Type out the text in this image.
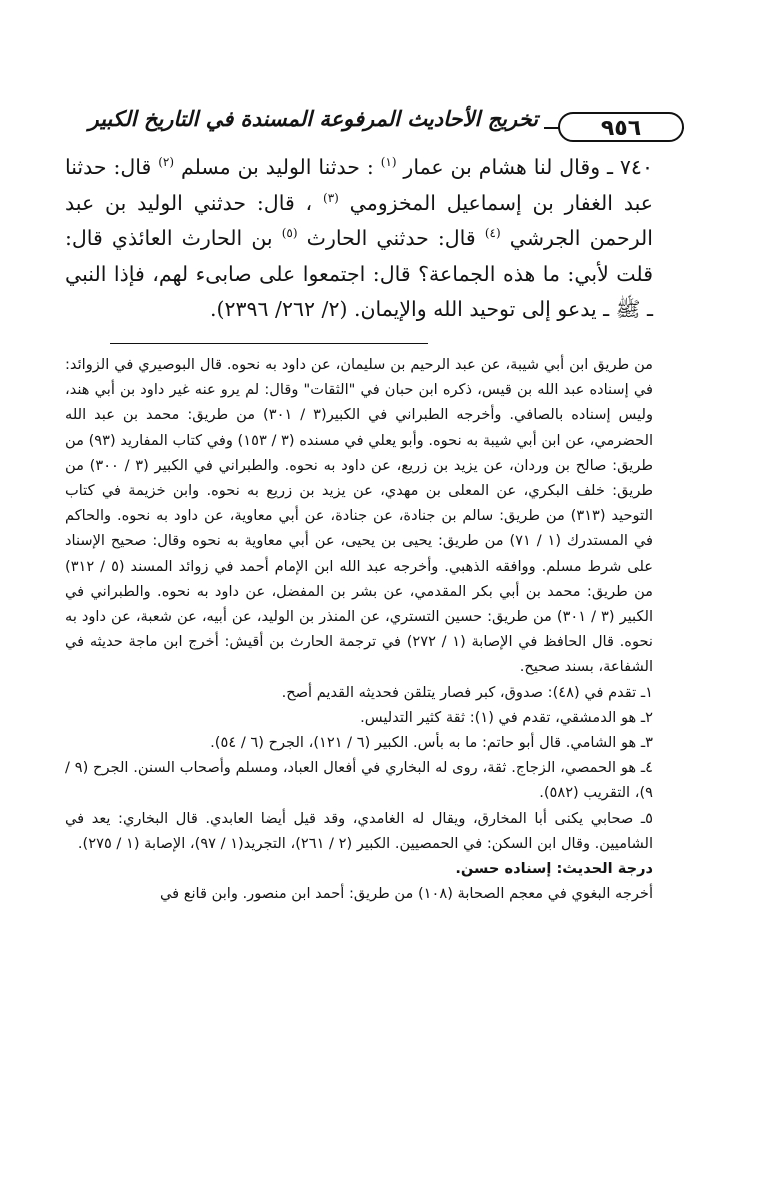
٩٥٦
تخريج الأحاديث المرفوعة المسندة في التاريخ الكبير
٧٤٠ ـ وقال لنا هشام بن عمار $^{(١)}$ : حدثنا الوليد بن مسلم $^{(٢)}$ قال: حدثنا عبد الغفار بن إسماعيل المخزومي $^{(٣)}$ ، قال: حدثني الوليد بن عبد الرحمن الجرشي $^{(٤)}$ قال: حدثني الحارث $^{(٥)}$ بن الحارث العائذي قال: قلت لأبي: ما هذه الجماعة؟ قال: اجتمعوا على صابىء لهم، فإذا النبي ـ ﷺ ـ يدعو إلى توحيد الله والإيمان. (٢/ ٢٦٢/ ٢٣٩٦).

من طريق ابن أبي شيبة، عن عبد الرحيم بن سليمان، عن داود به نحوه. قال البوصيري في الزوائد: في إسناده عبد الله بن قيس، ذكره ابن حبان في "الثقات" وقال: لم يرو عنه غير داود بن أبي هند، وليس إسناده بالصافي. وأخرجه الطبراني في الكبير(٣ / ٣٠١) من طريق: محمد بن عبد الله الحضرمي، عن ابن أبي شيبة به نحوه. وأبو يعلي في مسنده (٣ / ١٥٣) وفي كتاب المفاريد (٩٣) من طريق: صالح بن وردان، عن يزيد بن زريع، عن داود به نحوه. والطبراني في الكبير (٣ / ٣٠٠) من طريق: خلف البكري، عن المعلى بن مهدي، عن يزيد بن زريع به نحوه. وابن خزيمة في كتاب التوحيد (٣١٣) من طريق: سالم بن جنادة، عن جنادة، عن أبي معاوية، عن داود به نحوه. والحاكم في المستدرك (١ / ٧١) من طريق: يحيى بن يحيى، عن أبي معاوية به نحوه وقال: صحيح الإسناد على شرط مسلم. ووافقه الذهبي. وأخرجه عبد الله ابن الإمام أحمد في زوائد المسند (٥ / ٣١٢) من طريق: محمد بن أبي بكر المقدمي، عن بشر بن المفضل، عن داود به نحوه. والطبراني في الكبير (٣ / ٣٠١) من طريق: حسين التستري، عن المنذر بن الوليد، عن أبيه، عن شعبة، عن داود به نحوه. قال الحافظ في الإصابة (١ / ٢٧٢) في ترجمة الحارث بن أقيش: أخرج ابن ماجة حديثه في الشفاعة، بسند صحيح.

١ـ تقدم في (٤٨): صدوق، كبر فصار يتلقن فحديثه القديم أصح.

٢ـ هو الدمشقي، تقدم في (١): ثقة كثير التدليس.

٣ـ هو الشامي. قال أبو حاتم: ما به بأس. الكبير (٦ / ١٢١)، الجرح (٦ / ٥٤).

٤ـ هو الحمصي، الزجاج. ثقة، روى له البخاري في أفعال العباد، ومسلم وأصحاب السنن. الجرح (٩ / ٩)، التقريب (٥٨٢).

٥ـ صحابي يكنى أبا المخارق، ويقال له الغامدي، وقد قيل أيضا العابدي. قال البخاري: يعد في الشاميين. وقال ابن السكن: في الحمصيين. الكبير (٢ / ٢٦١)، التجريد(١ / ٩٧)، الإصابة (١ / ٢٧٥).

درجة الحديث: إسناده حسن.

أخرجه البغوي في معجم الصحابة (١٠٨) من طريق: أحمد ابن منصور. وابن قانع في
